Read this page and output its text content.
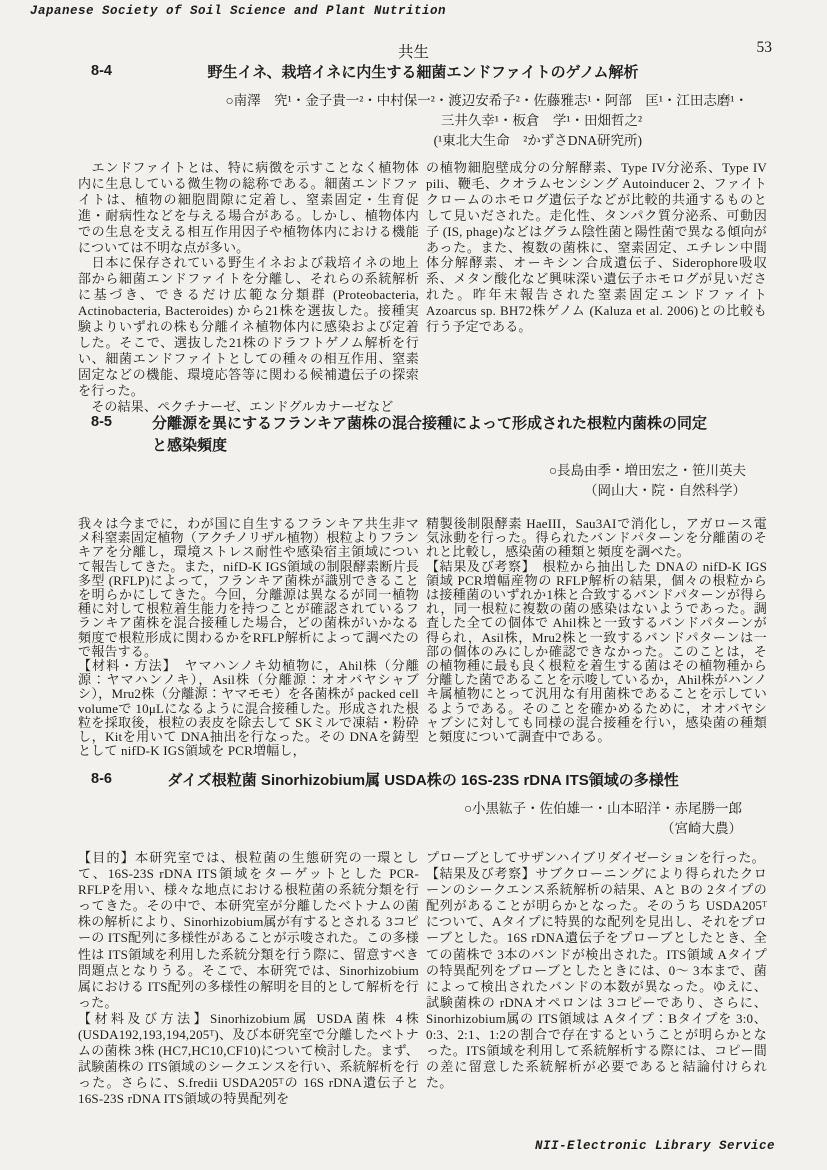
Japanese Society of Soil Science and Plant Nutrition
共生	53
8-4	野生イネ、栽培イネに内生する細菌エンドファイトのゲノム解析
○南澤　究¹・金子貴一²・中村保一²・渡辺安希子²・佐藤雅志¹・阿部　匡¹・江田志磨¹・
三井久幸¹・板倉　学¹・田畑哲之²
(¹東北大生命　²かずさDNA研究所)

　エンドファイトとは、特に病徴を示すことなく植物体内に生息している微生物の総称である。細菌エンドファイトは、植物の細胞間隙に定着し、窒素固定・生育促進・耐病性などを与える場合がある。しかし、植物体内での生息を支える相互作用因子や植物体内における機能については不明な点が多い。

　日本に保存されている野生イネおよび栽培イネの地上部から細菌エンドファイトを分離し、それらの系統解析に基づき、できるだけ広範な分類群 (Proteobacteria, Actinobacteria, Bacteroides) から21株を選抜した。接種実験よりいずれの株も分離イネ植物体内に感染および定着した。そこで、選抜した21株のドラフトゲノム解析を行い、細菌エンドファイトとしての種々の相互作用、窒素固定などの機能、環境応答等に関わる候補遺伝子の探索を行った。

　その結果、ペクチナーゼ、エンドグルカナーゼなど

の植物細胞壁成分の分解酵素、Type IV分泌系、Type IV pili、鞭毛、クオラムセンシング Autoinducer 2、ファイトクロームのホモログ遺伝子などが比較的共通するものとして見いだされた。走化性、タンパク質分泌系、可動因子 (IS, phage)などはグラム陰性菌と陽性菌で異なる傾向があった。また、複数の菌株に、窒素固定、エチレン中間体分解酵素、オーキシン合成遺伝子、Siderophore吸収系、メタン酸化など興味深い遺伝子ホモログが見いだされた。昨年末報告された窒素固定エンドファイト Azoarcus sp. BH72株ゲノム (Kaluza et al. 2006)との比較も行う予定である。

8-5	分離源を異にするフランキア菌株の混合接種によって形成された根粒内菌株の同定と感染頻度
○長島由季・増田宏之・笹川英夫
（岡山大・院・自然科学）

我々は今までに，わが国に自生するフランキア共生非マメ科窒素固定植物（アクチノリザル植物）根粒よりフランキアを分離し，環境ストレス耐性や感染宿主領域について報告してきた。また，nifD-K IGS領域の制限酵素断片長多型 (RFLP)によって，フランキア菌株が識別できることを明らかにしてきた。今回，分離源は異なるが同一植物種に対して根粒着生能力を持つことが確認されているフランキア菌株を混合接種した場合，どの菌株がいかなる頻度で根粒形成に関わるかをRFLP解析によって調べたので報告する。

【材料・方法】　ヤマハンノキ幼植物に，Ahil株（分離源：ヤマハンノキ），Asil株（分離源：オオバヤシャブシ），Mru2株（分離源：ヤマモモ）を各菌株が packed cell volumeで 10μLになるように混合接種した。形成された根粒を採取後，根粒の表皮を除去して SKミルで凍結・粉砕し，Kitを用いて DNA抽出を行なった。その DNAを鋳型として nifD-K IGS領域を PCR増幅し，

精製後制限酵素 HaeIII，Sau3AIで消化し，アガロース電気泳動を行った。得られたバンドパターンを分離菌のそれと比較し，感染菌の種類と頻度を調べた。

【結果及び考察】　根粒から抽出した DNAの nifD-K IGS領域 PCR増幅産物の RFLP解析の結果，個々の根粒からは接種菌のいずれか1株と合致するバンドパターンが得られ，同一根粒に複数の菌の感染はないようであった。調査した全ての個体で Ahil株と一致するバンドパターンが得られ，Asil株，Mru2株と一致するバンドパターンは一部の個体のみにしか確認できなかった。このことは，その植物種に最も良く根粒を着生する菌はその植物種から分離した菌であることを示唆しているか，Ahil株がハンノキ属植物にとって汎用な有用菌株であることを示しているようである。そのことを確かめるために，オオバヤシャブシに対しても同様の混合接種を行い，感染菌の種類と頻度について調査中である。

8-6	ダイズ根粒菌 Sinorhizobium属 USDA株の 16S-23S rDNA ITS領域の多様性
○小黒紘子・佐伯雄一・山本昭洋・赤尾勝一郎
（宮崎大農）

【目的】本研究室では、根粒菌の生態研究の一環として、16S-23S rDNA ITS領域をターゲットとした PCR-RFLPを用い、様々な地点における根粒菌の系統分類を行ってきた。その中で、本研究室が分離したベトナムの菌株の解析により、Sinorhizobium属が有するとされる 3コピーの ITS配列に多様性があることが示唆された。この多様性は ITS領域を利用した系統分類を行う際に、留意すべき問題点となりうる。そこで、本研究では、Sinorhizobium属における ITS配列の多様性の解明を目的として解析を行った。

【材料及び方法】Sinorhizobium属 USDA菌株 4株 (USDA192,193,194,205ᵀ)、及び本研究室で分離したベトナムの菌株 3株 (HC7,HC10,CF10)について検討した。まず、試験菌株の ITS領域のシークエンスを行い、系統解析を行った。さらに、S.fredii USDA205ᵀの 16S rDNA遺伝子と 16S-23S rDNA ITS領域の特異配列を

プローブとしてサザンハイブリダイゼーションを行った。

【結果及び考察】サブクローニングにより得られたクローンのシークエンス系統解析の結果、Aと Bの 2タイプの配列があることが明らかとなった。そのうち USDA205ᵀについて、Aタイプに特異的な配列を見出し、それをプローブとした。16S rDNA遺伝子をプローブとしたとき、全ての菌株で 3本のバンドが検出された。ITS領域 Aタイプの特異配列をプローブとしたときには、0〜 3本まで、菌によって検出されたバンドの本数が異なった。ゆえに、試験菌株の rDNAオペロンは 3コピーであり、さらに、Sinorhizobium属の ITS領域は Aタイプ：Bタイプを 3:0、0:3、2:1、1:2の割合で存在するということが明らかとなった。ITS領域を利用して系統解析する際には、コピー間の差に留意した系統解析が必要であると結論付けられた。

NII-Electronic Library Service
